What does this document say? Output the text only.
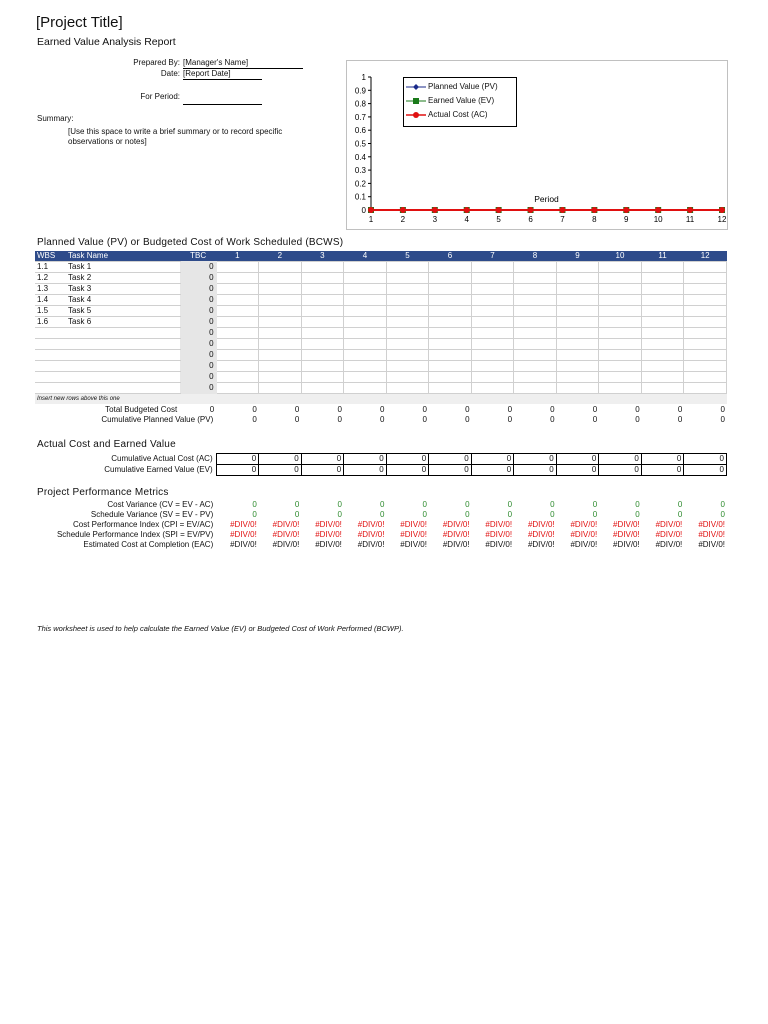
[Project Title]
Earned Value Analysis Report
Prepared By: [Manager's Name]
Date: [Report Date]
For Period:
Summary:
[Use this space to write a brief summary or to record specific observations or notes]
1
0.9
0.8
0.7
0.6
0.5
0.4
0.3
0.2
0.1
0
1	2	3	4	5	6	7	8	9	10	11	12
Period
Planned Value (PV)
Earned Value (EV)
Actual Cost (AC)
Planned Value (PV) or Budgeted Cost of Work Scheduled (BCWS)
WBS	Task Name	TBC	1	2	3	4	5	6	7	8	9	10	11	12
1.1	Task 1	0												
1.2	Task 2	0												
1.3	Task 3	0												
1.4	Task 4	0												
1.5	Task 5	0												
1.6	Task 6	0												
		0												
		0												
		0												
		0												
		0												
		0												
Insert new rows above this one														
Total Budgeted Cost	0	0	0	0	0	0	0	0	0	0	0	0	0
Cumulative Planned Value (PV)		0	0	0	0	0	0	0	0	0	0	0	0
Actual Cost and Earned Value
Cumulative Actual Cost (AC)	0	0	0	0	0	0	0	0	0	0	0	0
Cumulative Earned Value (EV)	0	0	0	0	0	0	0	0	0	0	0	0
Project Performance Metrics
Cost Variance (CV = EV - AC)	0	0	0	0	0	0	0	0	0	0	0	0
Schedule Variance (SV = EV - PV)	0	0	0	0	0	0	0	0	0	0	0	0
Cost Performance Index (CPI = EV/AC)	#DIV/0!	#DIV/0!	#DIV/0!	#DIV/0!	#DIV/0!	#DIV/0!	#DIV/0!	#DIV/0!	#DIV/0!	#DIV/0!	#DIV/0!	#DIV/0!
Schedule Performance Index (SPI = EV/PV)	#DIV/0!	#DIV/0!	#DIV/0!	#DIV/0!	#DIV/0!	#DIV/0!	#DIV/0!	#DIV/0!	#DIV/0!	#DIV/0!	#DIV/0!	#DIV/0!
Estimated Cost at Completion (EAC)	#DIV/0!	#DIV/0!	#DIV/0!	#DIV/0!	#DIV/0!	#DIV/0!	#DIV/0!	#DIV/0!	#DIV/0!	#DIV/0!	#DIV/0!	#DIV/0!
This worksheet is used to help calculate the Earned Value (EV) or Budgeted Cost of Work Performed (BCWP).
